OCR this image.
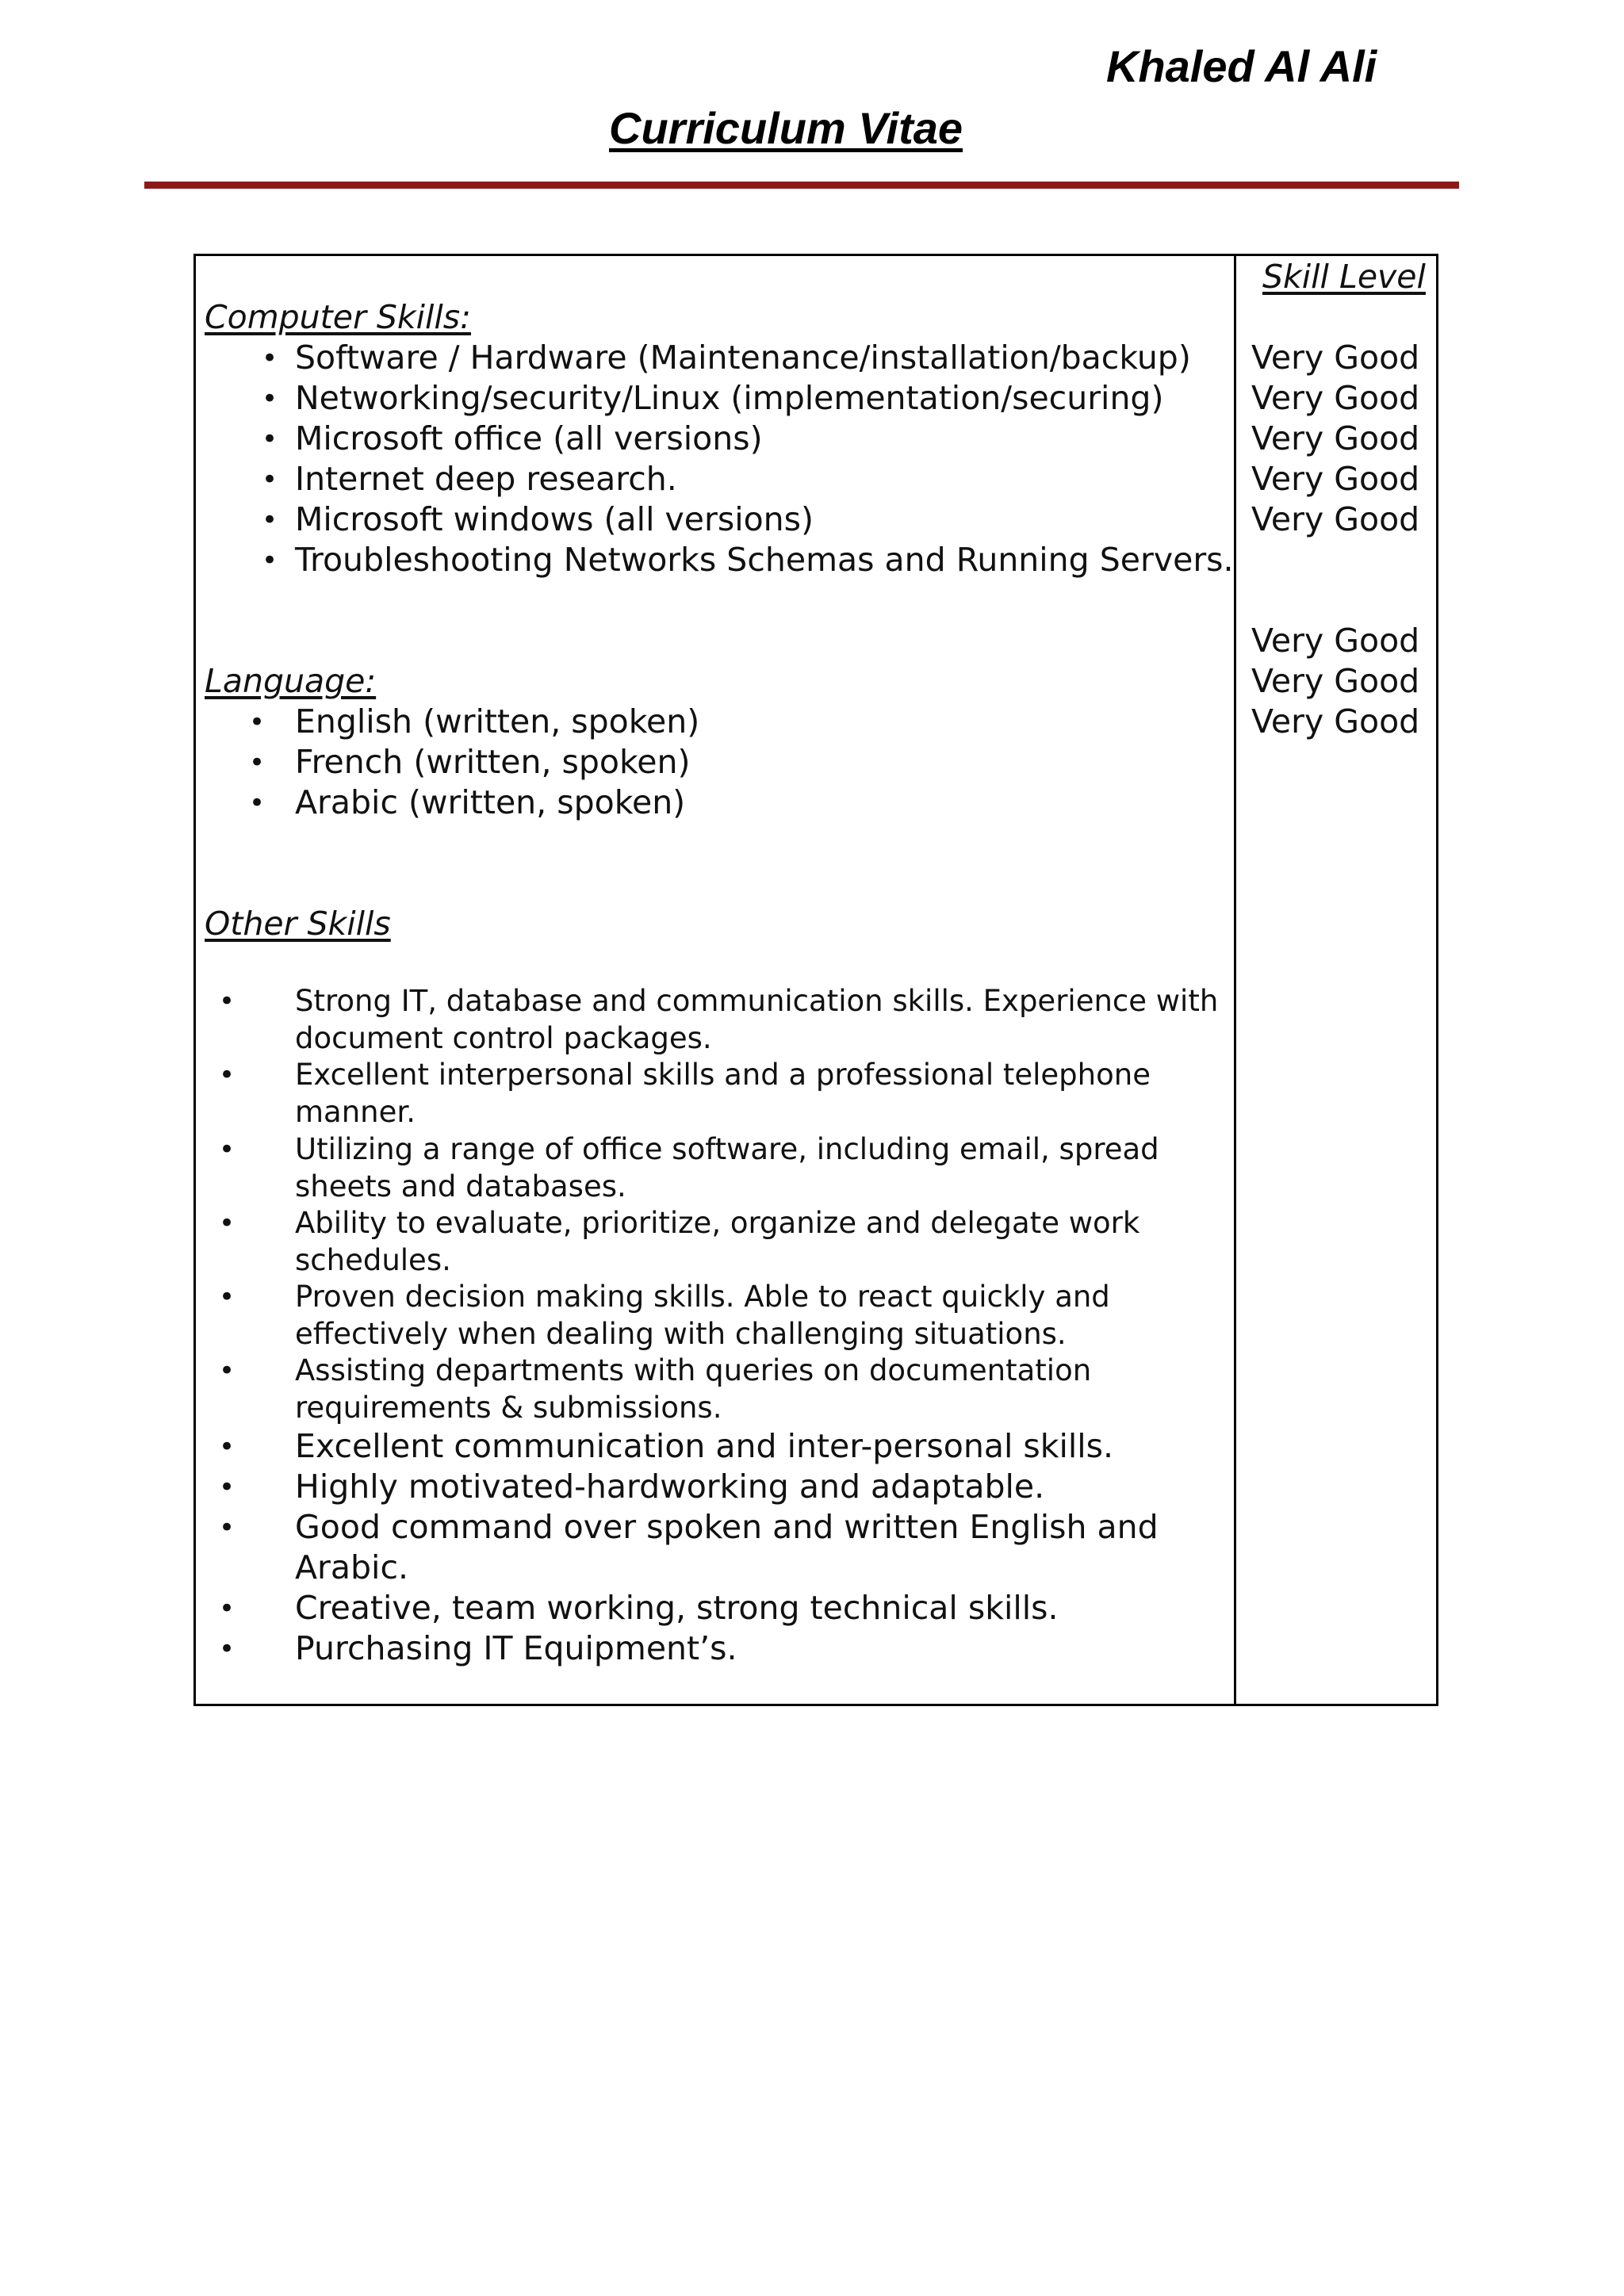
Khaled Al Ali
Curriculum Vitae
Skill Level
Computer Skills:
• Software / Hardware (Maintenance/installation/backup)
• Networking/security/Linux (implementation/securing)
• Microsoft office (all versions)
• Internet deep research.
• Microsoft windows (all versions)
• Troubleshooting Networks Schemas and Running Servers.
Very Good
Very Good
Very Good
Very Good
Very Good
Language:
• English (written, spoken)
• French (written, spoken)
• Arabic (written, spoken)
Very Good
Very Good
Very Good
Other Skills
• Strong IT, database and communication skills. Experience with
document control packages.
• Excellent interpersonal skills and a professional telephone
manner.
• Utilizing a range of office software, including email, spread
sheets and databases.
• Ability to evaluate, prioritize, organize and delegate work
schedules.
• Proven decision making skills. Able to react quickly and
effectively when dealing with challenging situations.
• Assisting departments with queries on documentation
requirements & submissions.
• Excellent communication and inter-personal skills.
• Highly motivated-hardworking and adaptable.
• Good command over spoken and written English and
Arabic.
• Creative, team working, strong technical skills.
• Purchasing IT Equipment’s.
